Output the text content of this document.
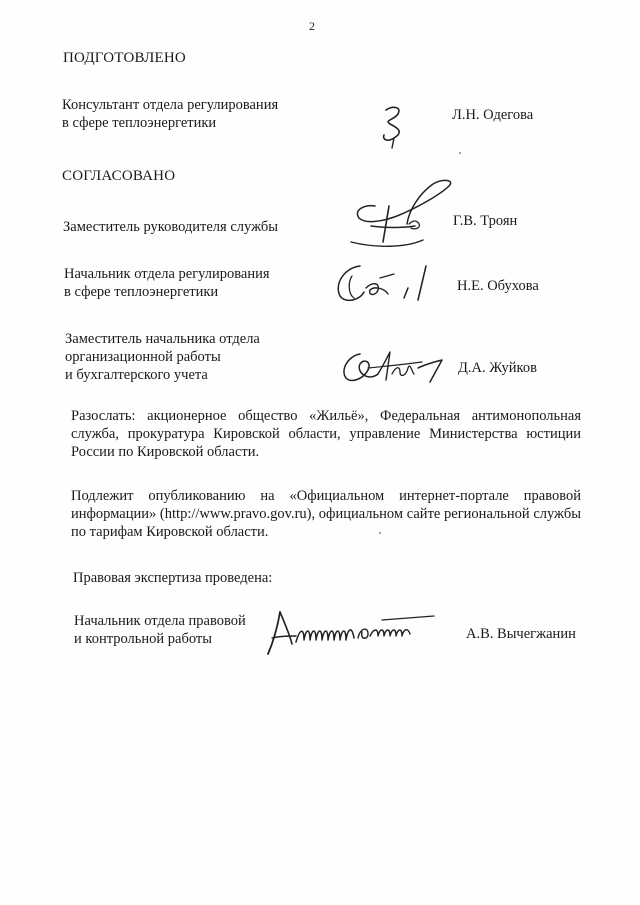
2
ПОДГОТОВЛЕНО
Консультант отдела регулирования
в сфере теплоэнергетики	Л.Н. Одегова
СОГЛАСОВАНО
Заместитель руководителя службы	Г.В. Троян
Начальник отдела регулирования
в сфере теплоэнергетики	Н.Е. Обухова
Заместитель начальника отдела
организационной работы
и бухгалтерского учета	Д.А. Жуйков
Разослать: акционерное общество «Жильё», Федеральная антимонопольная служба, прокуратура Кировской области, управление Министерства юстиции России по Кировской области.
Подлежит опубликованию на «Официальном интернет-портале правовой информации» (http://www.pravo.gov.ru), официальном сайте региональной службы по тарифам Кировской области.
Правовая экспертиза проведена:
Начальник отдела правовой
и контрольной работы	А.В. Вычегжанин
